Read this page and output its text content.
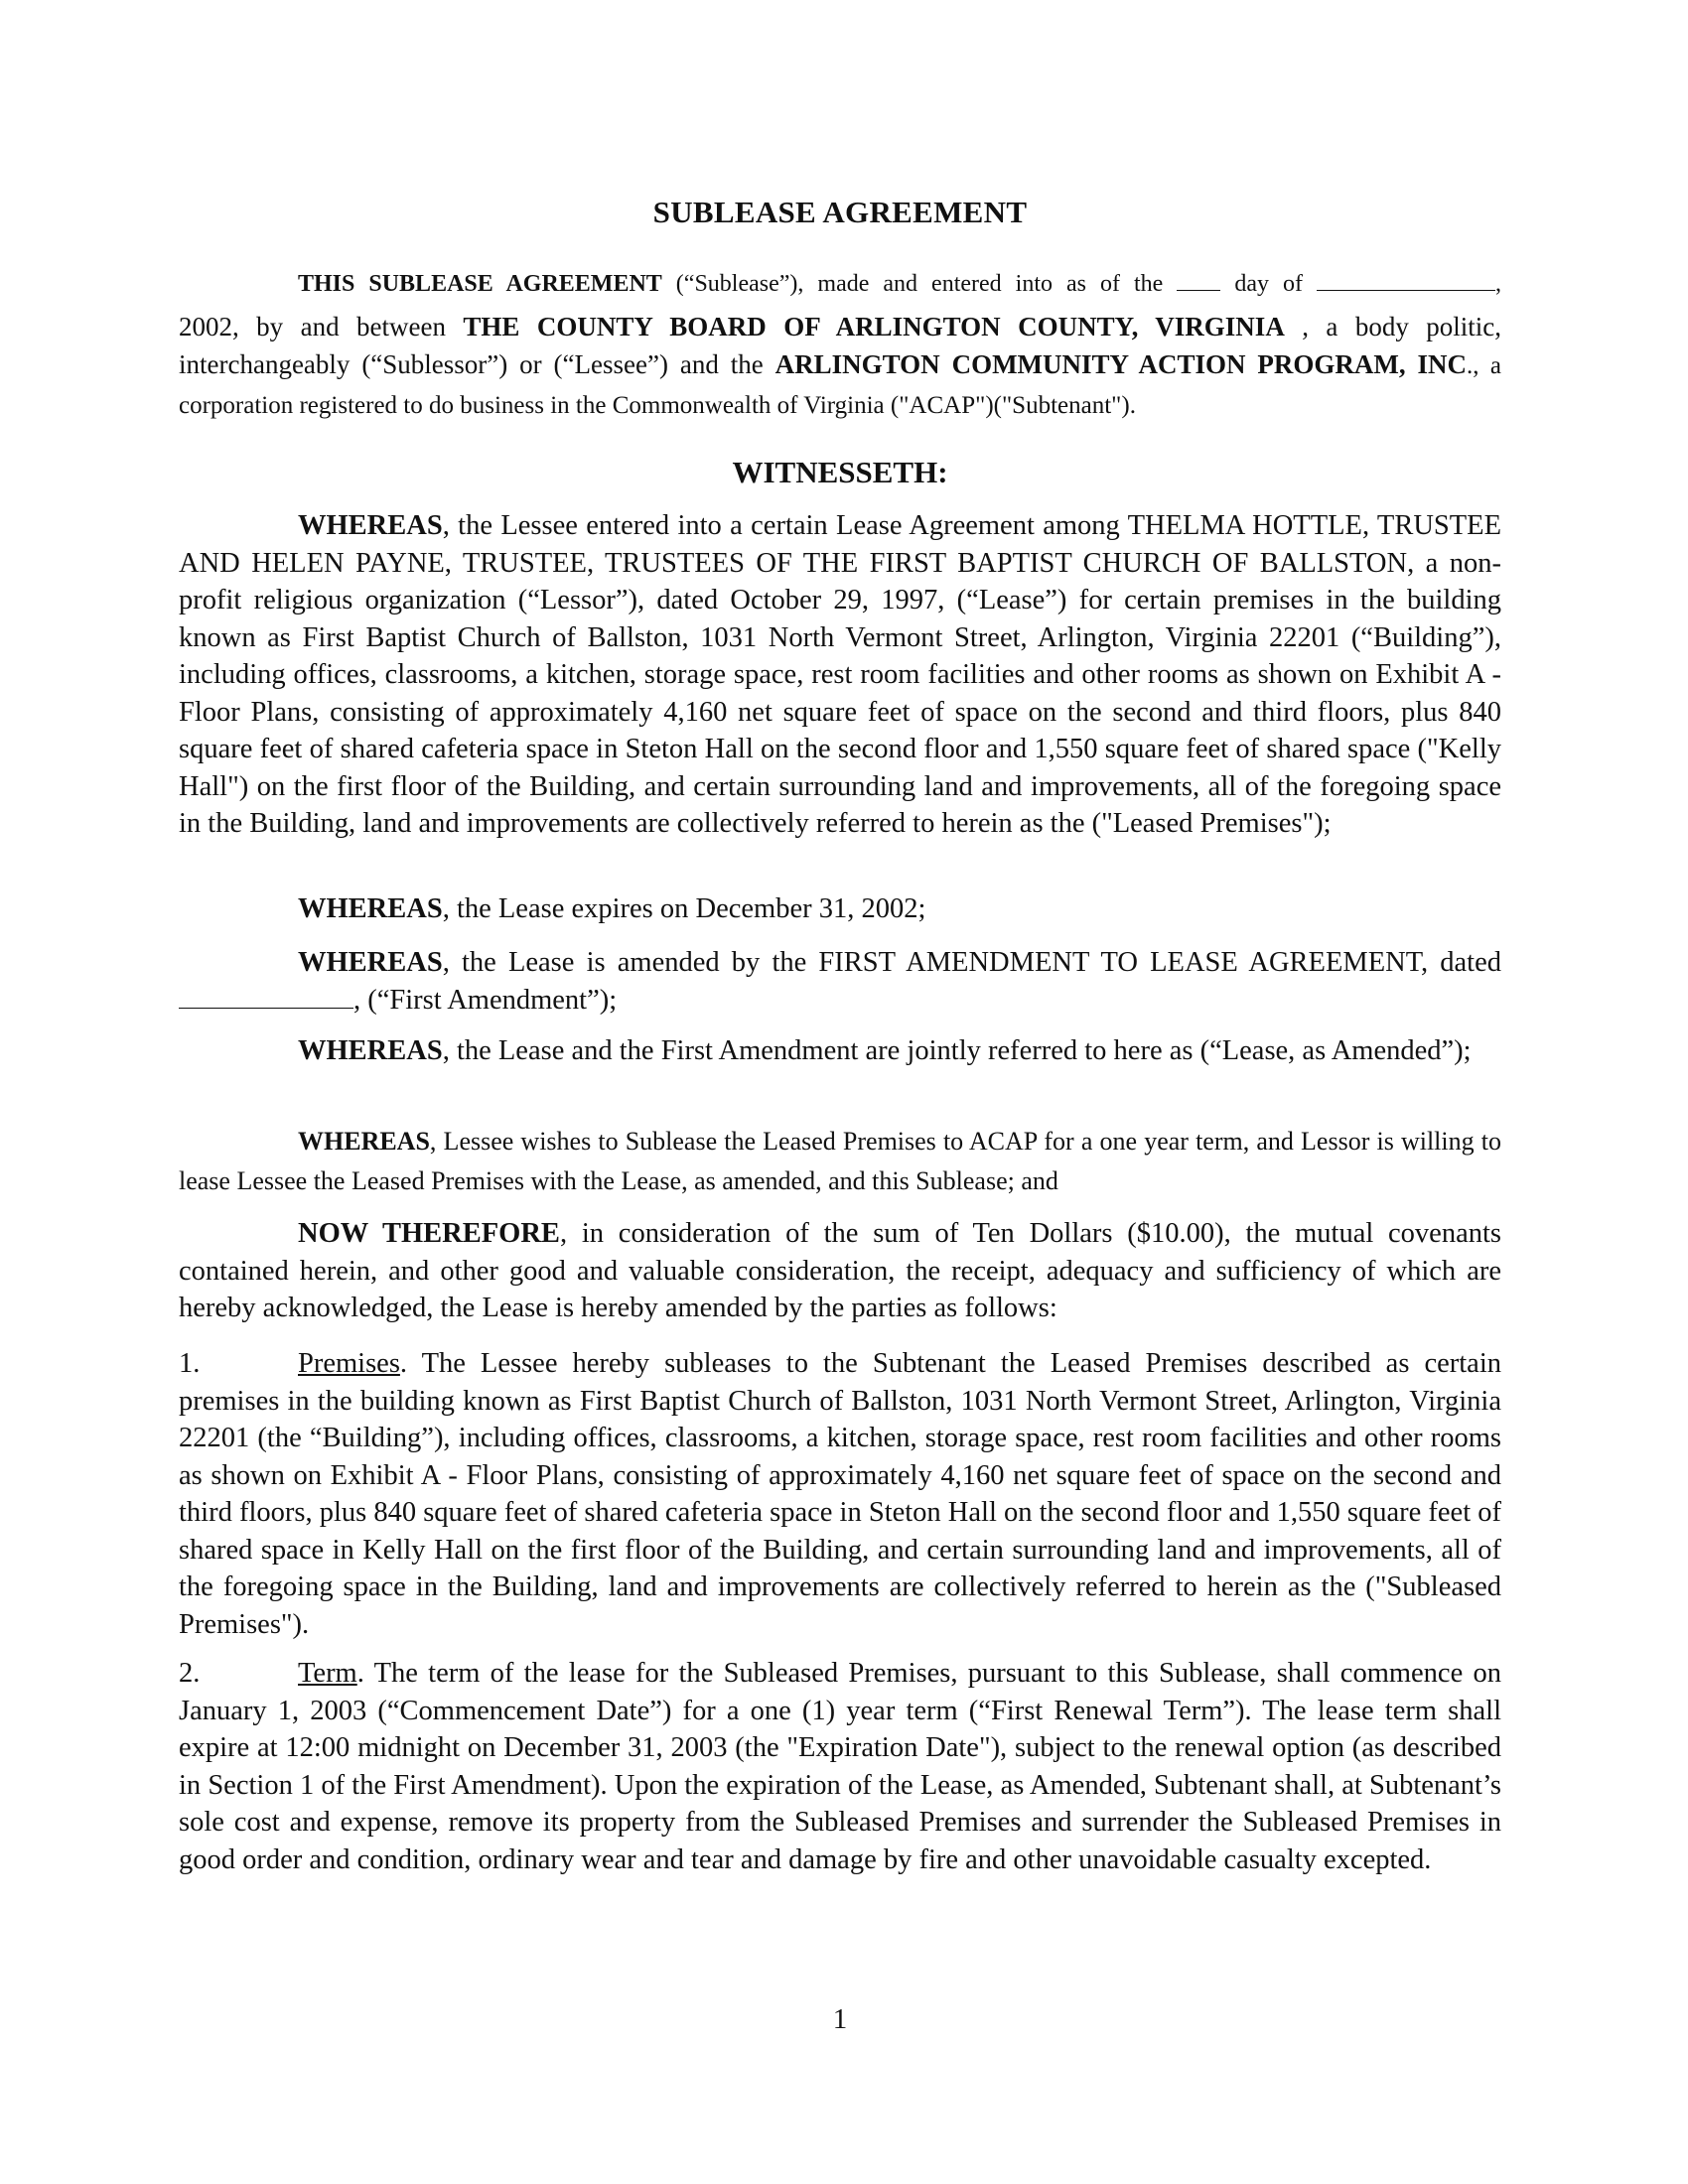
SUBLEASE AGREEMENT
THIS SUBLEASE AGREEMENT (“Sublease”), made and entered into as of the  day of	,
2002, by and between THE COUNTY BOARD OF ARLINGTON COUNTY, VIRGINIA , a body politic, interchangeably (“Sublessor”) or (“Lessee”) and the ARLINGTON COMMUNITY ACTION PROGRAM, INC., a corporation registered to do business in the Commonwealth of Virginia ("ACAP")("Subtenant").
WITNESSETH:

WHEREAS, the Lessee entered into a certain Lease Agreement among THELMA HOTTLE, TRUSTEE AND HELEN PAYNE, TRUSTEE, TRUSTEES OF THE FIRST BAPTIST CHURCH OF BALLSTON, a non-profit religious organization (“Lessor”), dated October 29, 1997, (“Lease”) for certain premises in the building known as First Baptist Church of Ballston, 1031 North Vermont Street, Arlington, Virginia 22201 (“Building”), including offices, classrooms, a kitchen, storage space, rest room facilities and other rooms as shown on Exhibit A - Floor Plans, consisting of approximately 4,160 net square feet of space on the second and third floors, plus 840 square feet of shared cafeteria space in Steton Hall on the second floor and 1,550 square feet of shared space ("Kelly Hall") on the first floor of the Building, and certain surrounding land and improvements, all of the foregoing space in the Building, land and improvements are collectively referred to herein as the ("Leased Premises");

WHEREAS, the Lease expires on December 31, 2002;

WHEREAS, the Lease is amended by the FIRST AMENDMENT TO LEASE AGREEMENT, dated , (“First Amendment”);

WHEREAS, the Lease and the First Amendment are jointly referred to here as (“Lease, as Amended”);

WHEREAS, Lessee wishes to Sublease the Leased Premises to ACAP for a one year term, and Lessor is willing to lease Lessee the Leased Premises with the Lease, as amended, and this Sublease; and

NOW THEREFORE, in consideration of the sum of Ten Dollars ($10.00), the mutual covenants contained herein, and other good and valuable consideration, the receipt, adequacy and sufficiency of which are hereby acknowledged, the Lease is hereby amended by the parties as follows:

1.	Premises. The Lessee hereby subleases to the Subtenant the Leased Premises described as certain premises in the building known as First Baptist Church of Ballston, 1031 North Vermont Street, Arlington, Virginia 22201 (the “Building”), including offices, classrooms, a kitchen, storage space, rest room facilities and other rooms as shown on Exhibit A - Floor Plans, consisting of approximately 4,160 net square feet of space on the second and third floors, plus 840 square feet of shared cafeteria space in Steton Hall on the second floor and 1,550 square feet of shared space in Kelly Hall on the first floor of the Building, and certain surrounding land and improvements, all of the foregoing space in the Building, land and improvements are collectively referred to herein as the ("Subleased Premises").

2.	Term. The term of the lease for the Subleased Premises, pursuant to this Sublease, shall commence on January 1, 2003 (“Commencement Date”) for a one (1) year term (“First Renewal Term”). The lease term shall expire at 12:00 midnight on December 31, 2003 (the "Expiration Date"), subject to the renewal option (as described in Section 1 of the First Amendment). Upon the expiration of the Lease, as Amended, Subtenant shall, at Subtenant’s sole cost and expense, remove its property from the Subleased Premises and surrender the Subleased Premises in good order and condition, ordinary wear and tear and damage by fire and other unavoidable casualty excepted.

1
